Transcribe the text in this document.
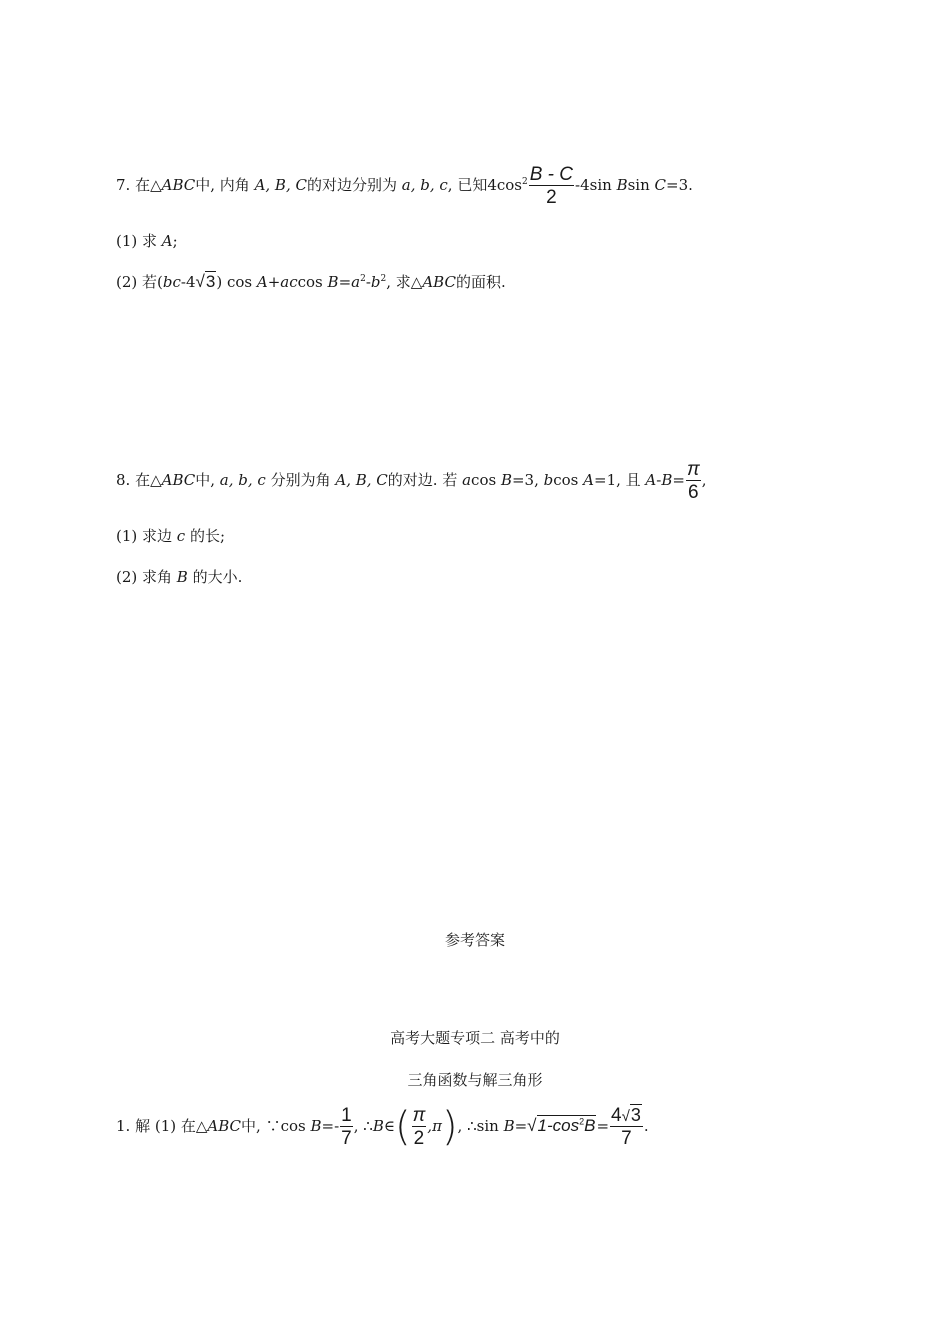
7. 在△ABC中, 内角 A, B, C的对边分别为 a, b, c, 已知$4\cos^2 \frac{B - C}{2} -4\sin$ Bsin C=3.
(1) 求 A;
(2) 若(bc-4√3) cos A+accos $B=a^2-b^2$, 求△ABC的面积.
8. 在△ABC中, a, b, c 分别为角 A, B, C的对边. 若 acos B=3, bcos A=1, 且 $A-B= \frac{\pi}{6}$ ,
(1) 求边 c 的长;
(2) 求角 B 的大小.
参考答案
高考大题专项二 高考中的
三角函数与解三角形
1. 解 (1) 在△ABC中, ∵cos $B=- \frac{1}{7}$ , ∴B∈( $\frac{\pi}{2} ,\pi$), ∴sin $B=√1-\cos^2B= \frac{4√3}{7}$ .
